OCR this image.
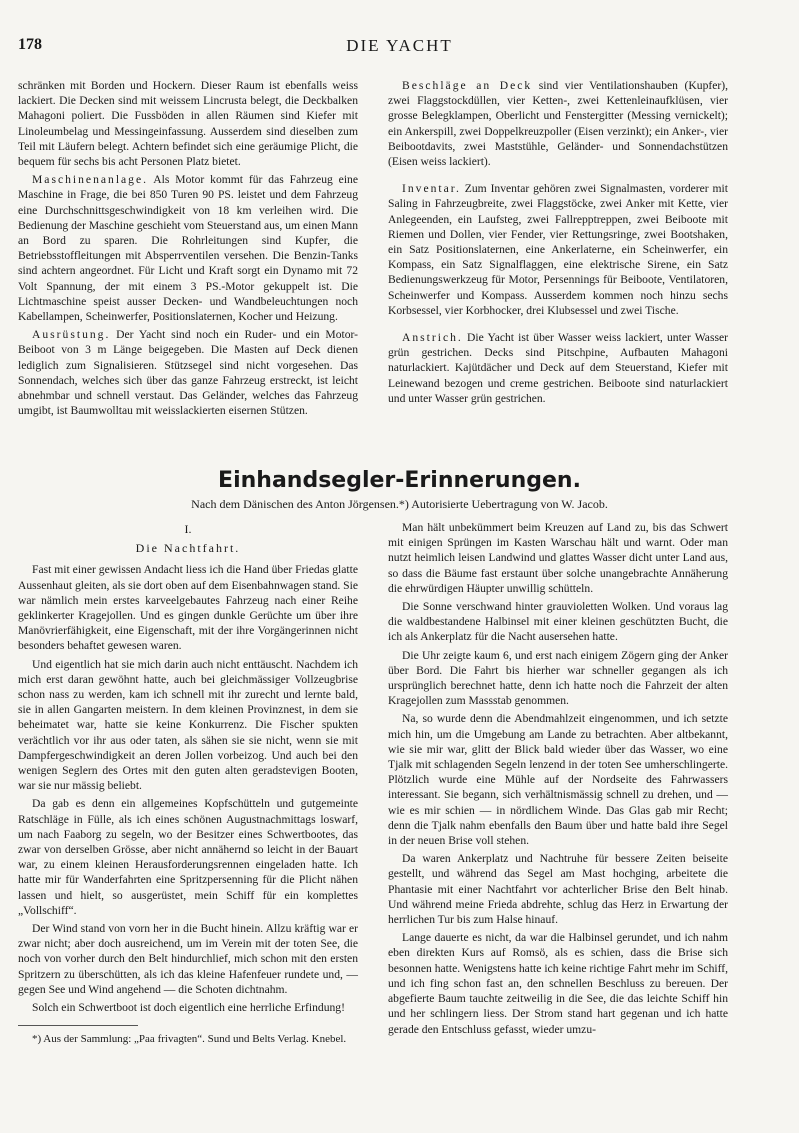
178	DIE YACHT

schränken mit Borden und Hockern. Dieser Raum ist ebenfalls weiss lackiert. Die Decken sind mit weissem Lincrusta belegt, die Deckbalken Mahagoni poliert. Die Fussböden in allen Räumen sind Kiefer mit Linoleumbelag und Messingeinfassung. Ausserdem sind dieselben zum Teil mit Läufern belegt. Achtern befindet sich eine geräumige Plicht, die bequem für sechs bis acht Personen Platz bietet.

Maschinenanlage. Als Motor kommt für das Fahrzeug eine Maschine in Frage, die bei 850 Turen 90 PS. leistet und dem Fahrzeug eine Durchschnittsgeschwindigkeit von 18 km verleihen wird. Die Bedienung der Maschine geschieht vom Steuerstand aus, um einen Mann an Bord zu sparen. Die Rohrleitungen sind Kupfer, die Betriebsstoffleitungen mit Absperrventilen versehen. Die Benzin-Tanks sind achtern angeordnet. Für Licht und Kraft sorgt ein Dynamo mit 72 Volt Spannung, der mit einem 3 PS.-Motor gekuppelt ist. Die Lichtmaschine speist ausser Decken- und Wandbeleuchtungen noch Kabellampen, Scheinwerfer, Positionslaternen, Kocher und Heizung.

Ausrüstung. Der Yacht sind noch ein Ruder- und ein Motor-Beiboot von 3 m Länge beigegeben. Die Masten auf Deck dienen lediglich zum Signalisieren. Stützsegel sind nicht vorgesehen. Das Sonnendach, welches sich über das ganze Fahrzeug erstreckt, ist leicht abnehmbar und schnell verstaut. Das Geländer, welches das Fahrzeug umgibt, ist Baumwolltau mit weisslackierten eisernen Stützen.

Beschläge an Deck sind vier Ventilationshauben (Kupfer), zwei Flaggstockdüllen, vier Ketten-, zwei Kettenleinaufklüsen, vier grosse Belegklampen, Oberlicht und Fenstergitter (Messing vernickelt); ein Ankerspill, zwei Doppelkreuzpoller (Eisen verzinkt); ein Anker-, vier Beibootdavits, zwei Maststühle, Geländer- und Sonnendachstützen (Eisen weiss lackiert).

Inventar. Zum Inventar gehören zwei Signalmasten, vorderer mit Saling in Fahrzeugbreite, zwei Flaggstöcke, zwei Anker mit Kette, vier Anlegeenden, ein Laufsteg, zwei Fallrepptreppen, zwei Beiboote mit Riemen und Dollen, vier Fender, vier Rettungsringe, zwei Bootshaken, ein Satz Positionslaternen, eine Ankerlaterne, ein Scheinwerfer, ein Kompass, ein Satz Signalflaggen, eine elektrische Sirene, ein Satz Bedienungswerkzeug für Motor, Persennings für Beiboote, Ventilatoren, Scheinwerfer und Kompass. Ausserdem kommen noch hinzu sechs Korbsessel, vier Korbhocker, drei Klubsessel und zwei Tische.

Anstrich. Die Yacht ist über Wasser weiss lackiert, unter Wasser grün gestrichen. Decks sind Pitschpine, Aufbauten Mahagoni naturlackiert. Kajütdächer und Deck auf dem Steuerstand, Kiefer mit Leinewand bezogen und creme gestrichen. Beiboote sind naturlackiert und unter Wasser grün gestrichen.

Einhandsegler-Erinnerungen.
Nach dem Dänischen des Anton Jörgensen.*) Autorisierte Uebertragung von W. Jacob.
I.
Die Nachtfahrt.

Fast mit einer gewissen Andacht liess ich die Hand über Friedas glatte Aussenhaut gleiten, als sie dort oben auf dem Eisenbahnwagen stand. Sie war nämlich mein erstes karveelgebautes Fahrzeug nach einer Reihe geklinkerter Kragejollen. Und es gingen dunkle Gerüchte um über ihre Manövrierfähigkeit, eine Eigenschaft, mit der ihre Vorgängerinnen nicht besonders behaftet gewesen waren.

Und eigentlich hat sie mich darin auch nicht enttäuscht. Nachdem ich mich erst daran gewöhnt hatte, auch bei gleichmässiger Vollzeugbrise schon nass zu werden, kam ich schnell mit ihr zurecht und lernte bald, sie in allen Gangarten meistern. In dem kleinen Provinznest, in dem sie beheimatet war, hatte sie keine Konkurrenz. Die Fischer spukten verächtlich vor ihr aus oder taten, als sähen sie sie nicht, wenn sie mit Dampfergeschwindigkeit an deren Jollen vorbeizog. Und auch bei den wenigen Seglern des Ortes mit den guten alten geradstevigen Booten, war sie nur mässig beliebt.

Da gab es denn ein allgemeines Kopfschütteln und gutgemeinte Ratschläge in Fülle, als ich eines schönen Augustnachmittags loswarf, um nach Faaborg zu segeln, wo der Besitzer eines Schwertbootes, das zwar von derselben Grösse, aber nicht annähernd so leicht in der Bauart war, zu einem kleinen Herausforderungsrennen eingeladen hatte. Ich hatte mir für Wanderfahrten eine Spritzpersenning für die Plicht nähen lassen und hielt, so ausgerüstet, mein Schiff für ein komplettes „Vollschiff“.

Der Wind stand von vorn her in die Bucht hinein. Allzu kräftig war er zwar nicht; aber doch ausreichend, um im Verein mit der toten See, die noch von vorher durch den Belt hindurchlief, mich schon mit den ersten Spritzern zu überschütten, als ich das kleine Hafenfeuer rundete und, — gegen See und Wind angehend — die Schoten dichtnahm.

Solch ein Schwertboot ist doch eigentlich eine herrliche Erfindung!

*) Aus der Sammlung: „Paa frivagten“. Sund und Belts Verlag. Knebel.

Man hält unbekümmert beim Kreuzen auf Land zu, bis das Schwert mit einigen Sprüngen im Kasten Warschau hält und warnt. Oder man nutzt heimlich leisen Landwind und glattes Wasser dicht unter Land aus, so dass die Bäume fast erstaunt über solche unangebrachte Annäherung die ehrwürdigen Häupter unwillig schütteln.

Die Sonne verschwand hinter grauvioletten Wolken. Und voraus lag die waldbestandene Halbinsel mit einer kleinen geschützten Bucht, die ich als Ankerplatz für die Nacht ausersehen hatte.

Die Uhr zeigte kaum 6, und erst nach einigem Zögern ging der Anker über Bord. Die Fahrt bis hierher war schneller gegangen als ich ursprünglich berechnet hatte, denn ich hatte noch die Fahrzeit der alten Kragejollen zum Massstab genommen.

Na, so wurde denn die Abendmahlzeit eingenommen, und ich setzte mich hin, um die Umgebung am Lande zu betrachten. Aber altbekannt, wie sie mir war, glitt der Blick bald wieder über das Wasser, wo eine Tjalk mit schlagenden Segeln lenzend in der toten See umherschlingerte. Plötzlich wurde eine Mühle auf der Nordseite des Fahrwassers interessant. Sie begann, sich verhältnismässig schnell zu drehen, und — wie es mir schien — in nördlichem Winde. Das Glas gab mir Recht; denn die Tjalk nahm ebenfalls den Baum über und hatte bald ihre Segel in der neuen Brise voll stehen.

Da waren Ankerplatz und Nachtruhe für bessere Zeiten beiseite gestellt, und während das Segel am Mast hochging, arbeitete die Phantasie mit einer Nachtfahrt vor achterlicher Brise den Belt hinab. Und während meine Frieda abdrehte, schlug das Herz in Erwartung der herrlichen Tur bis zum Halse hinauf.

Lange dauerte es nicht, da war die Halbinsel gerundet, und ich nahm eben direkten Kurs auf Romsö, als es schien, dass die Brise sich besonnen hatte. Wenigstens hatte ich keine richtige Fahrt mehr im Schiff, und ich fing schon fast an, den schnellen Beschluss zu bereuen. Der abgefierte Baum tauchte zeitweilig in die See, die das leichte Schiff hin und her schlingern liess. Der Strom stand hart gegenan und ich hatte gerade den Entschluss gefasst, wieder umzu-
